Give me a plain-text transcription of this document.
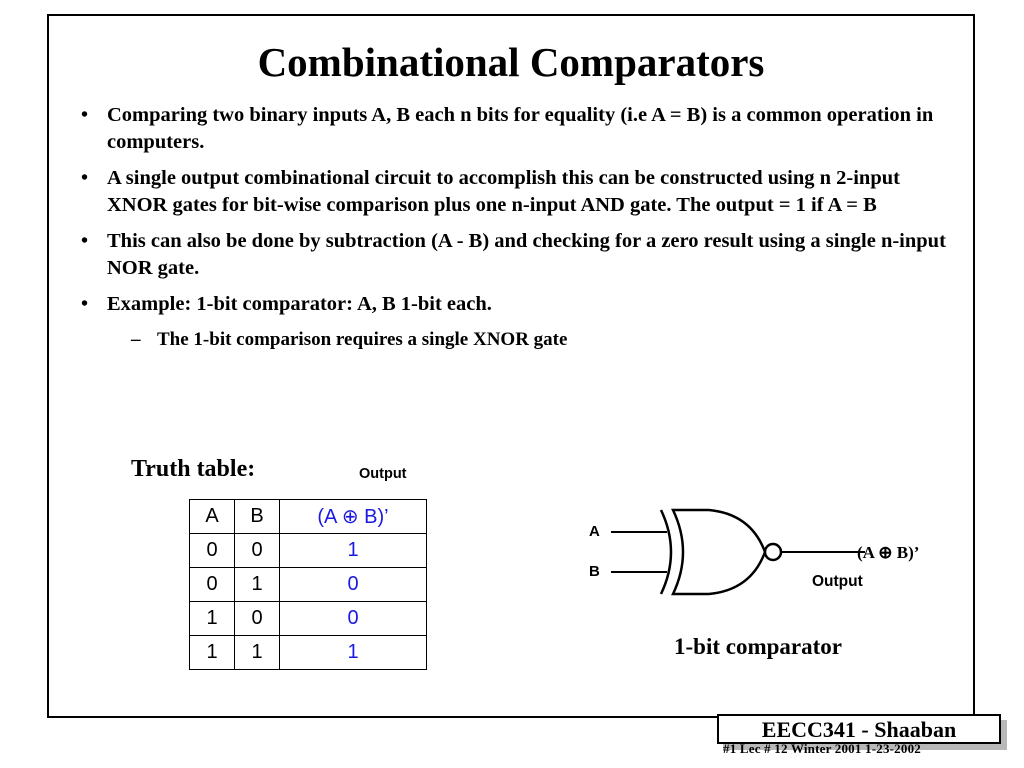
Combinational Comparators
• Comparing two binary inputs A, B each n bits for equality (i.e A = B) is a common operation in computers.
• A single output combinational circuit to accomplish this can be constructed using n 2-input XNOR gates for bit-wise comparison plus one n-input AND gate. The output = 1 if A = B
• This can also be done by subtraction (A - B) and checking for a zero result using a single n-input NOR gate.
• Example: 1-bit comparator: A, B 1-bit each.
– The 1-bit comparison requires a single XNOR gate
Truth table:	Output
A	B	(A ⊕ B)’
0	0	1
0	1	0
1	0	0
1	1	1
A
B
(A ⊕ B)’
Output
1-bit comparator
EECC341 - Shaaban
#1 Lec # 12 Winter 2001 1-23-2002
